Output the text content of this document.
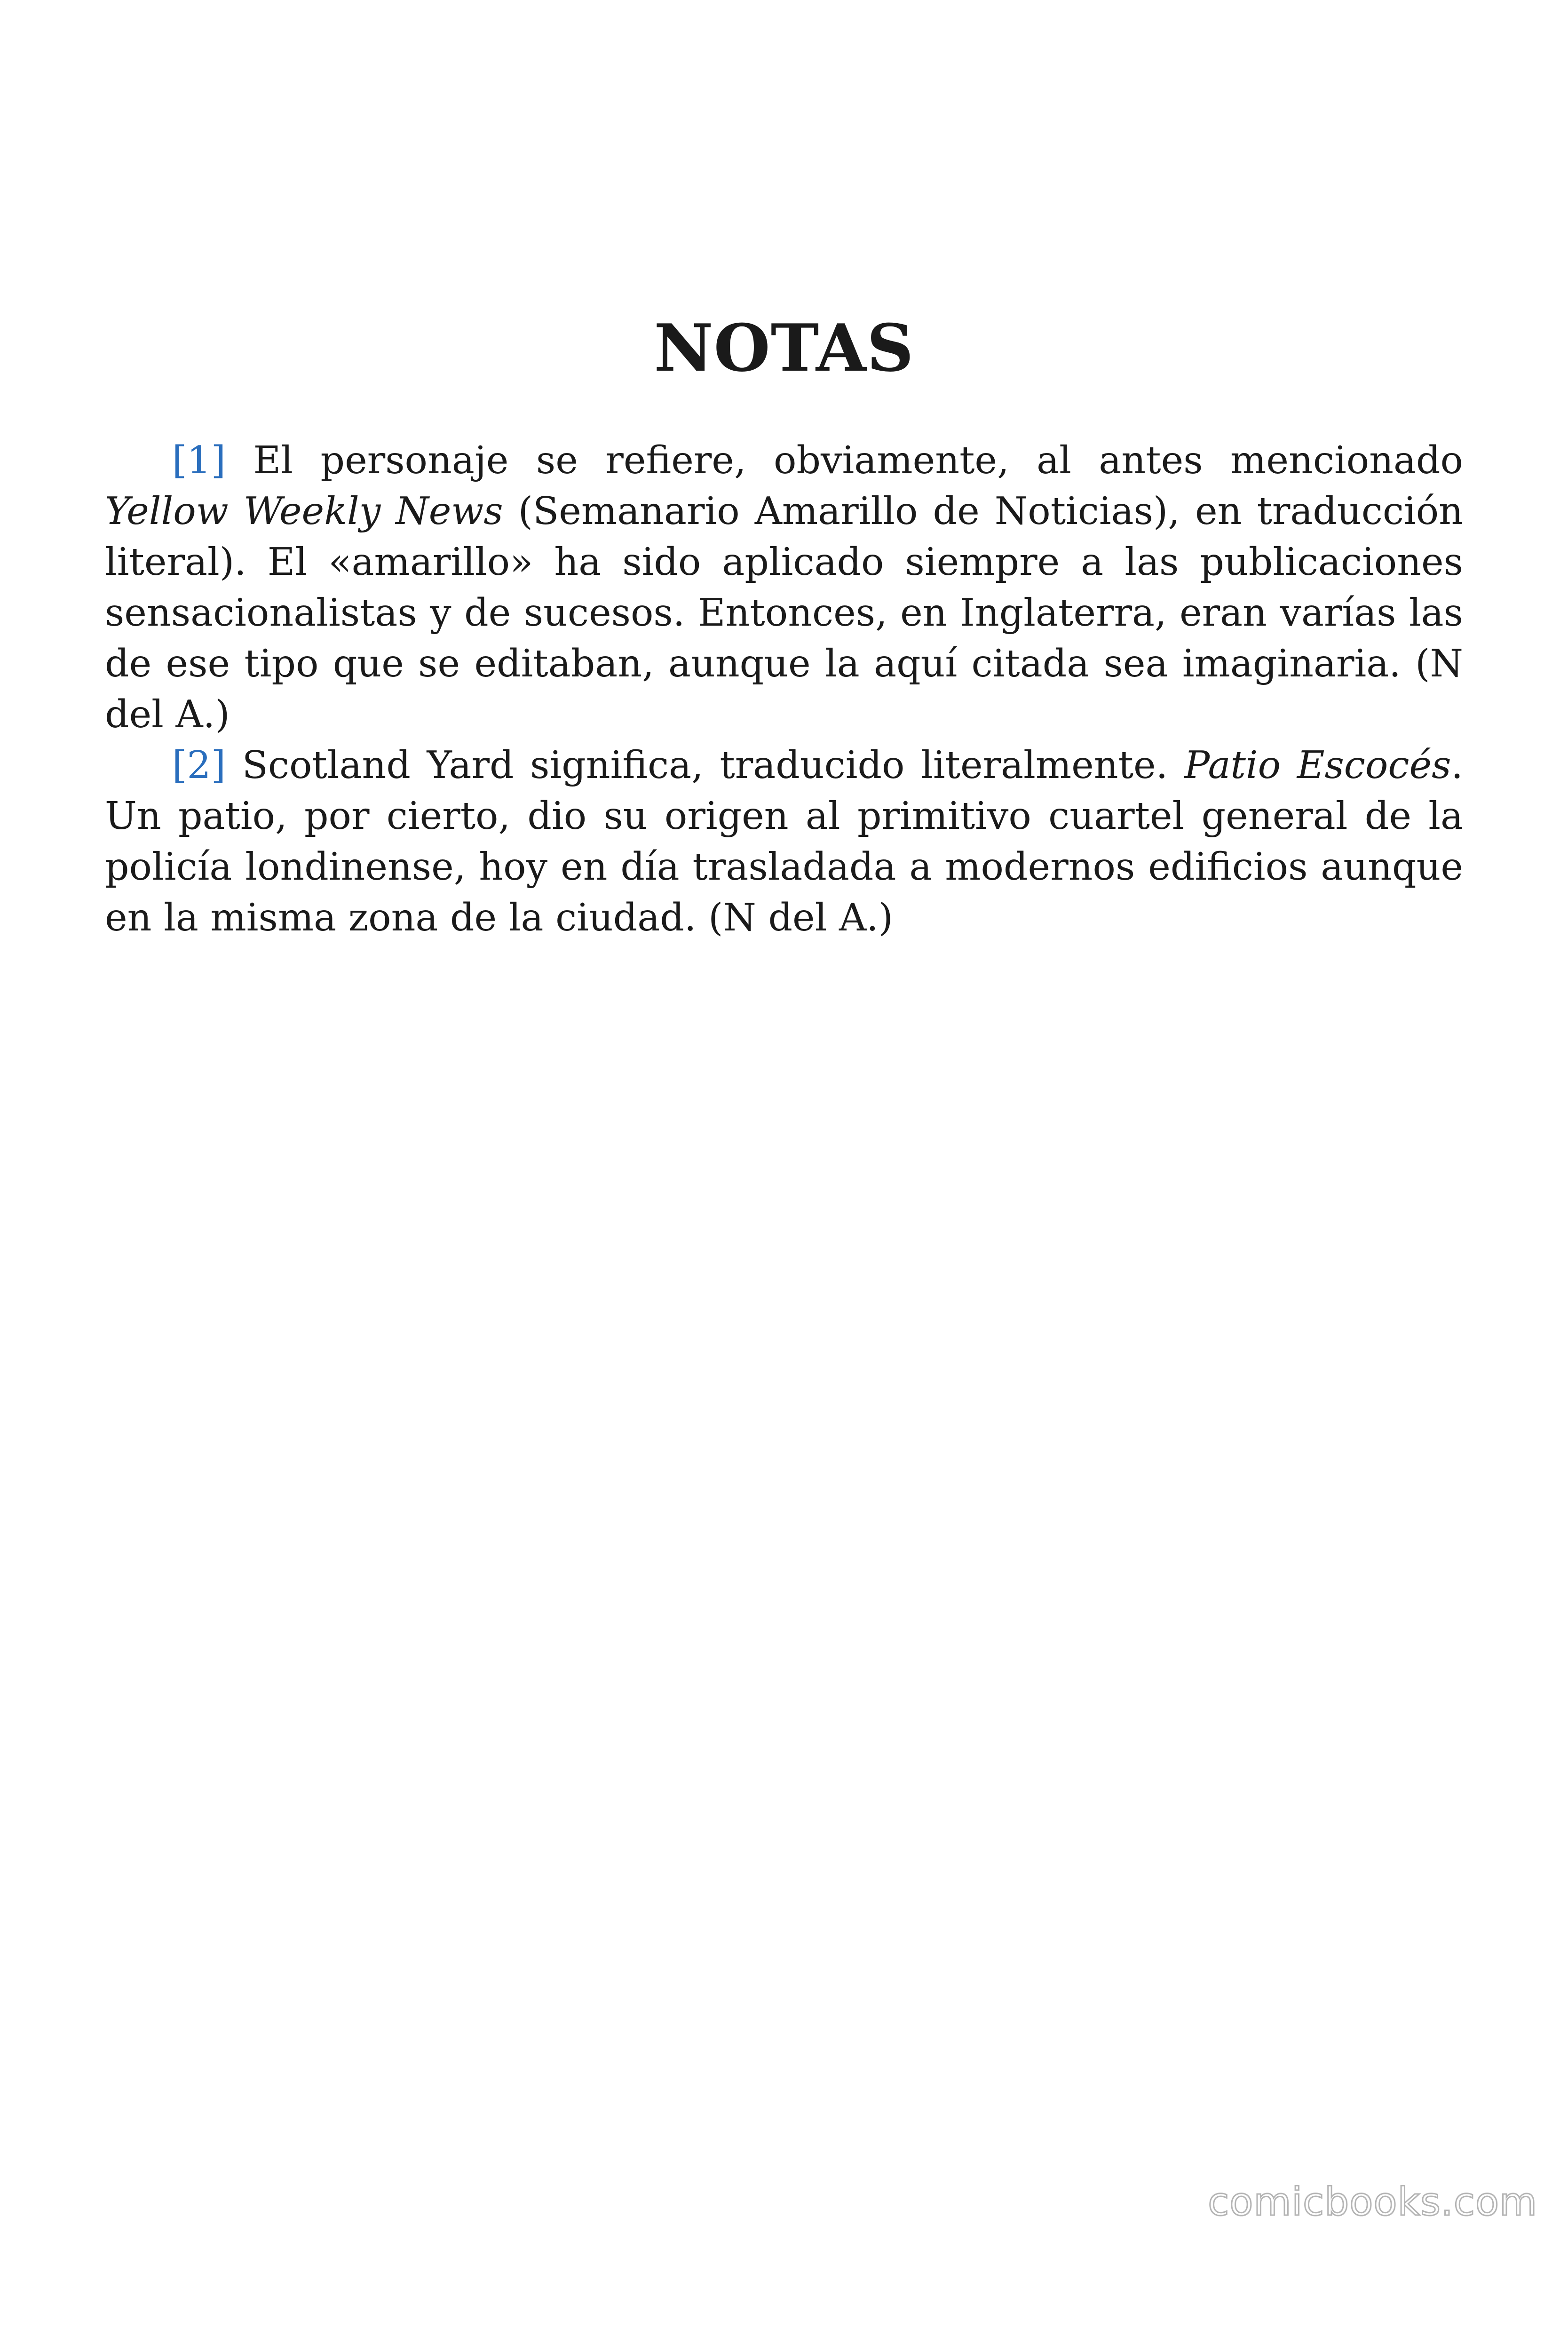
NOTAS

[1] El personaje se refiere, obviamente, al antes mencionado Yellow Weekly News (Semanario Amarillo de Noticias), en traducción literal). El «amarillo» ha sido aplicado siempre a las publicaciones sensacionalistas y de sucesos. Entonces, en Inglaterra, eran varías las de ese tipo que se editaban, aunque la aquí citada sea imaginaria. (N del A.)

[2] Scotland Yard significa, traducido literalmente. Patio Escocés. Un patio, por cierto, dio su origen al primitivo cuartel general de la policía londinense, hoy en día trasladada a modernos edificios aunque en la misma zona de la ciudad. (N del A.)

comicbooks.com
